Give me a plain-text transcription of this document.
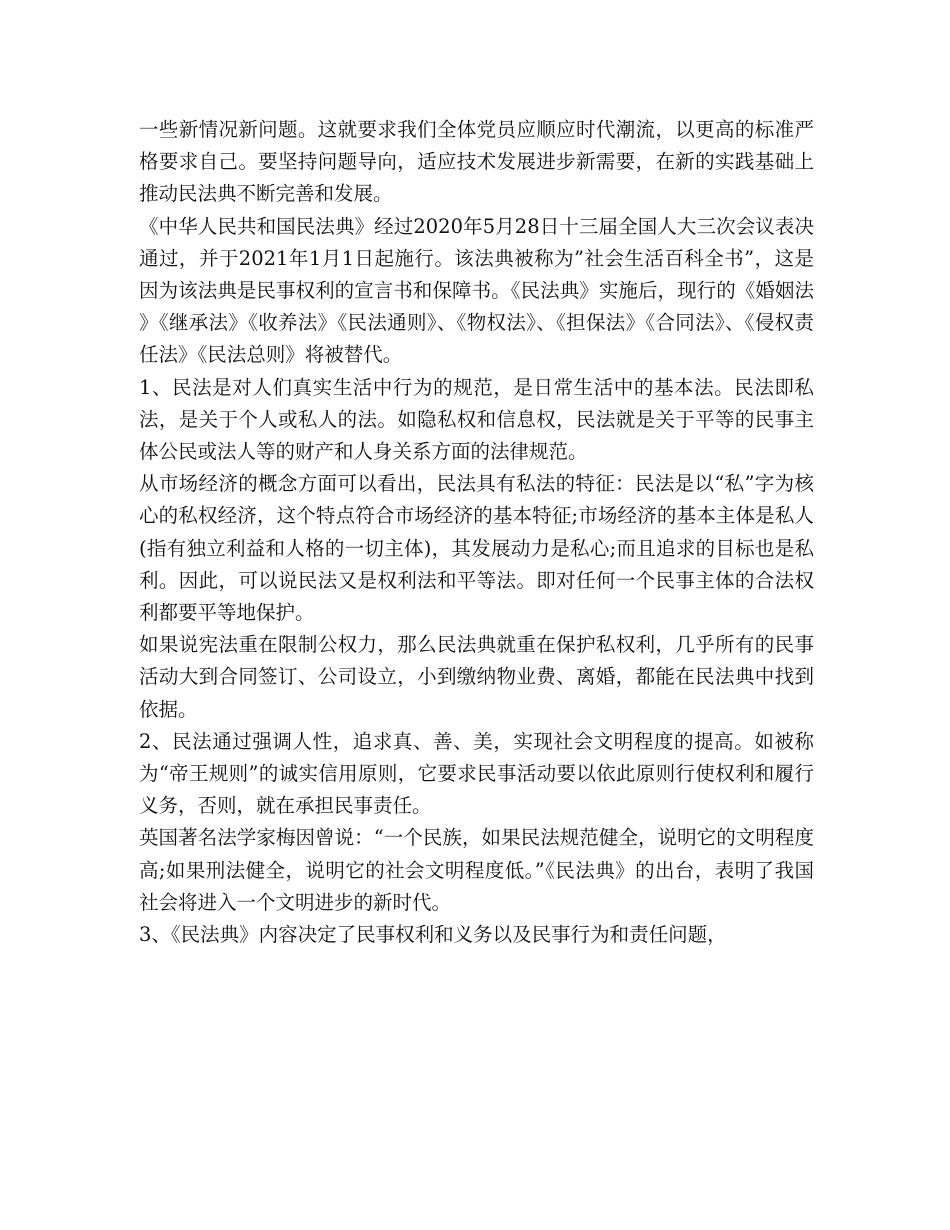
一些新情况新问题。这就要求我们全体党员应顺应时代潮流，以更高的标准严格要求自己。要坚持问题导向，适应技术发展进步新需要，在新的实践基础上推动民法典不断完善和发展。

《中华人民共和国民法典》经过2020年5月28日十三届全国人大三次会议表决通过，并于2021年1月1日起施行。该法典被称为”社会生活百科全书”，这是因为该法典是民事权利的宣言书和保障书。《民法典》实施后，现行的《婚姻法》《继承法》《收养法》《民法通则》、《物权法》、《担保法》《合同法》、《侵权责任法》《民法总则》将被替代。

1、民法是对人们真实生活中行为的规范，是日常生活中的基本法。民法即私法，是关于个人或私人的法。如隐私权和信息权，民法就是关于平等的民事主体公民或法人等的财产和人身关系方面的法律规范。

从市场经济的概念方面可以看出，民法具有私法的特征：民法是以“私”字为核心的私权经济，这个特点符合市场经济的基本特征;市场经济的基本主体是私人(指有独立利益和人格的一切主体)，其发展动力是私心;而且追求的目标也是私利。因此，可以说民法又是权利法和平等法。即对任何一个民事主体的合法权利都要平等地保护。

如果说宪法重在限制公权力，那么民法典就重在保护私权利，几乎所有的民事活动大到合同签订、公司设立，小到缴纳物业费、离婚，都能在民法典中找到依据。

2、民法通过强调人性，追求真、善、美，实现社会文明程度的提高。如被称为“帝王规则”的诚实信用原则，它要求民事活动要以依此原则行使权利和履行义务，否则，就在承担民事责任。

英国著名法学家梅因曾说：“一个民族，如果民法规范健全，说明它的文明程度高;如果刑法健全，说明它的社会文明程度低。”《民法典》的出台，表明了我国社会将进入一个文明进步的新时代。

3、《民法典》内容决定了民事权利和义务以及民事行为和责任问题，
